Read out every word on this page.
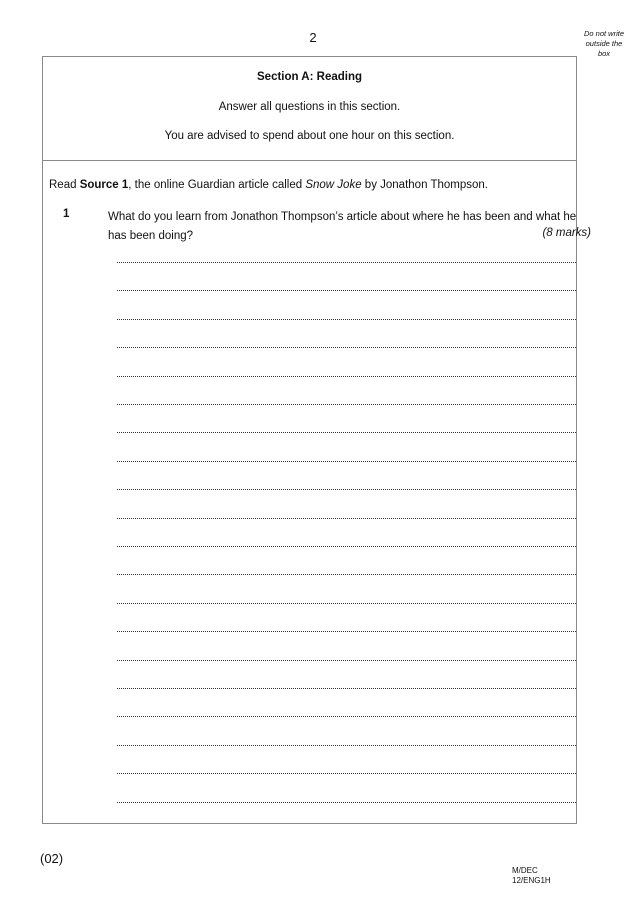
2	Do not write
outside the
box
Section A: Reading
Answer all questions in this section.
You are advised to spend about one hour on this section.
Read Source 1, the online Guardian article called Snow Joke by Jonathon Thompson.
1	What do you learn from Jonathon Thompson’s article about where he has been and what he has been doing?	(8 marks)
(02)
M/DEC
12/ENG1H
